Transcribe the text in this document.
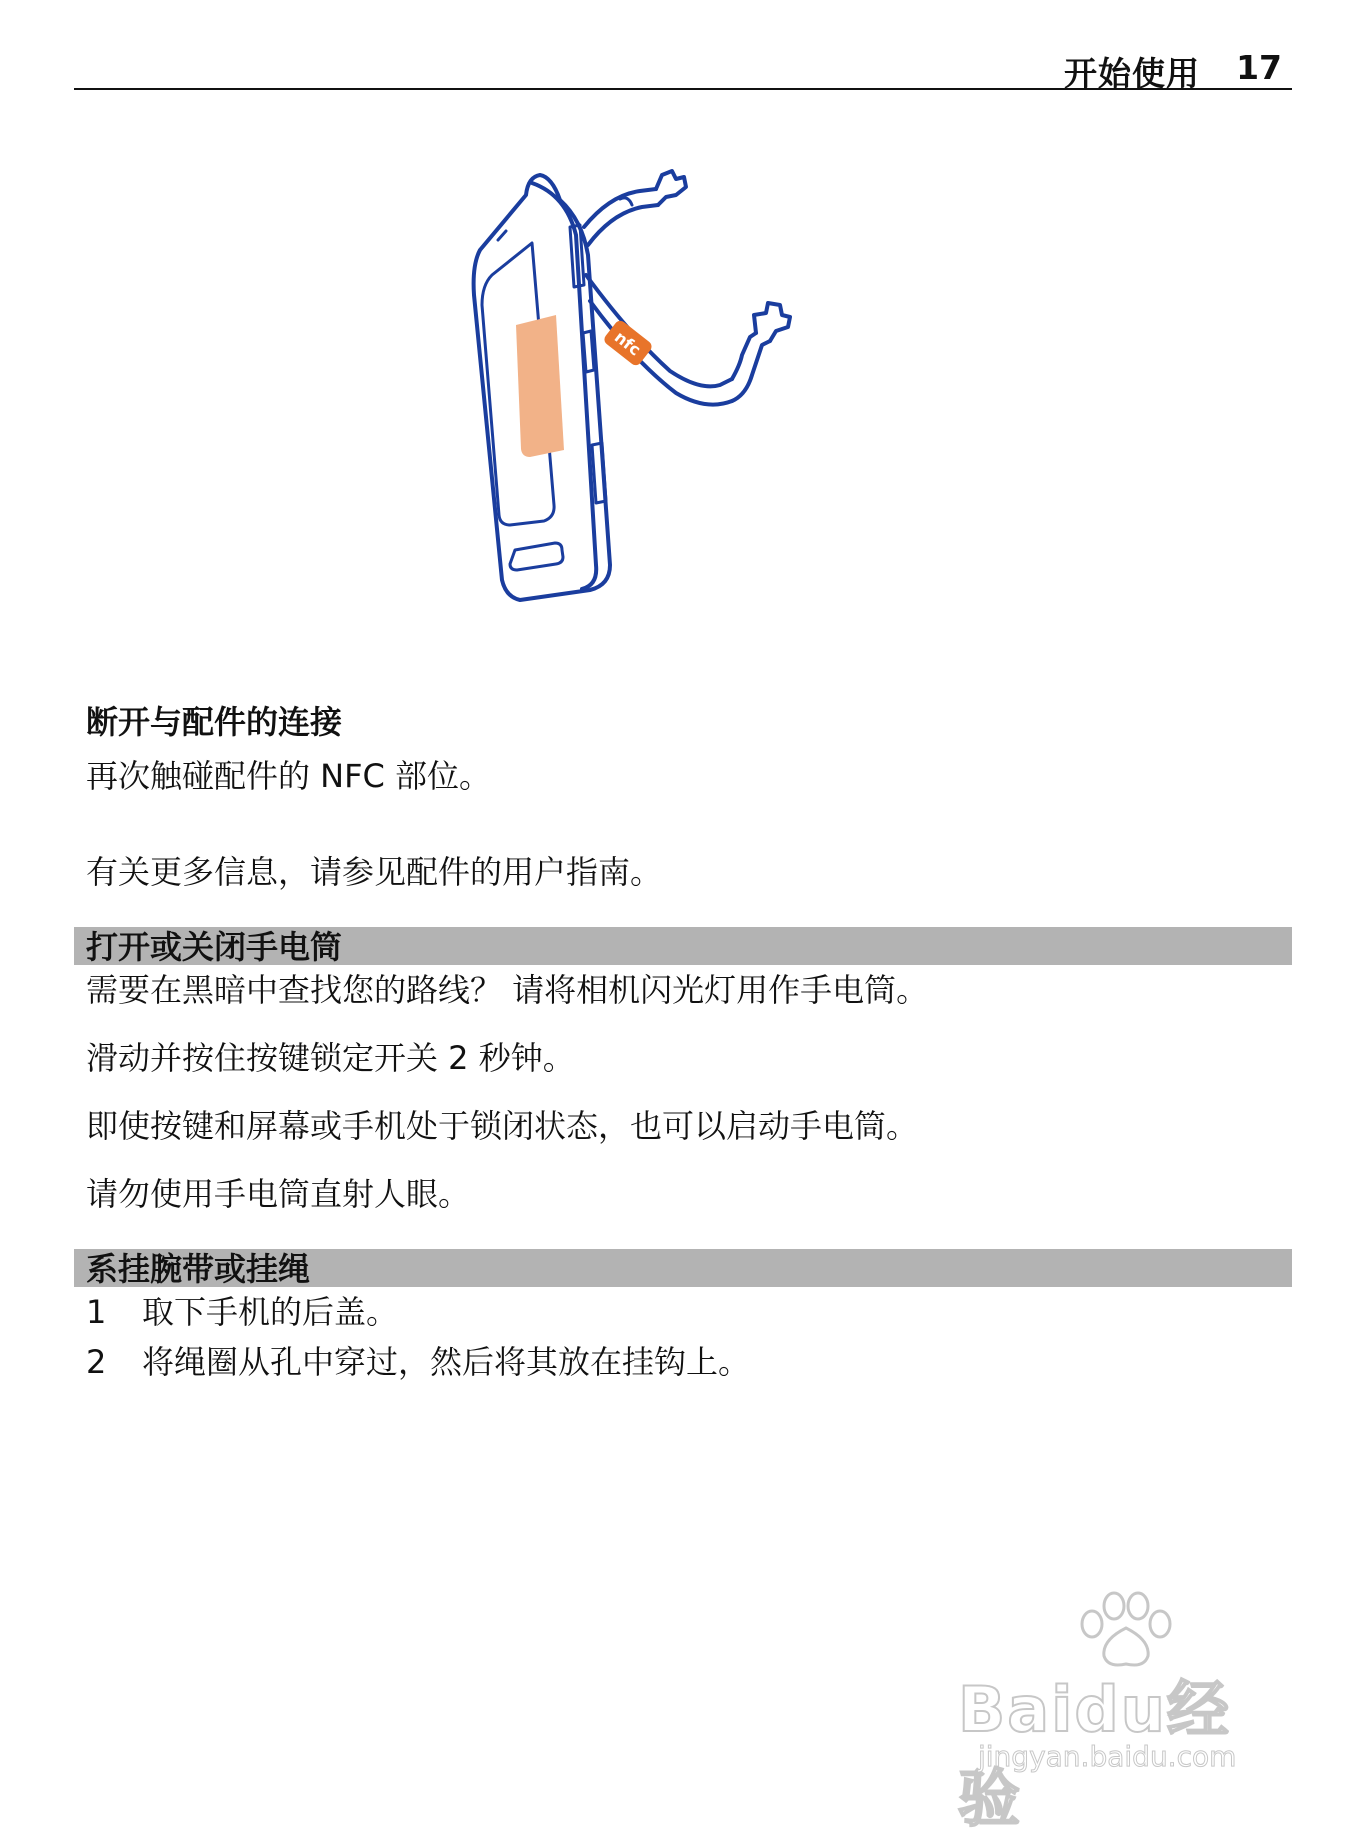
开始使用 17
nfc
断开与配件的连接
再次触碰配件的 NFC 部位。
有关更多信息，请参见配件的用户指南。
打开或关闭手电筒
需要在黑暗中查找您的路线？ 请将相机闪光灯用作手电筒。
滑动并按住按键锁定开关 2 秒钟。
即使按键和屏幕或手机处于锁闭状态，也可以启动手电筒。
请勿使用手电筒直射人眼。
系挂腕带或挂绳
1 取下手机的后盖。
2 将绳圈从孔中穿过，然后将其放在挂钩上。
Baidu经验
jingyan.baidu.com
